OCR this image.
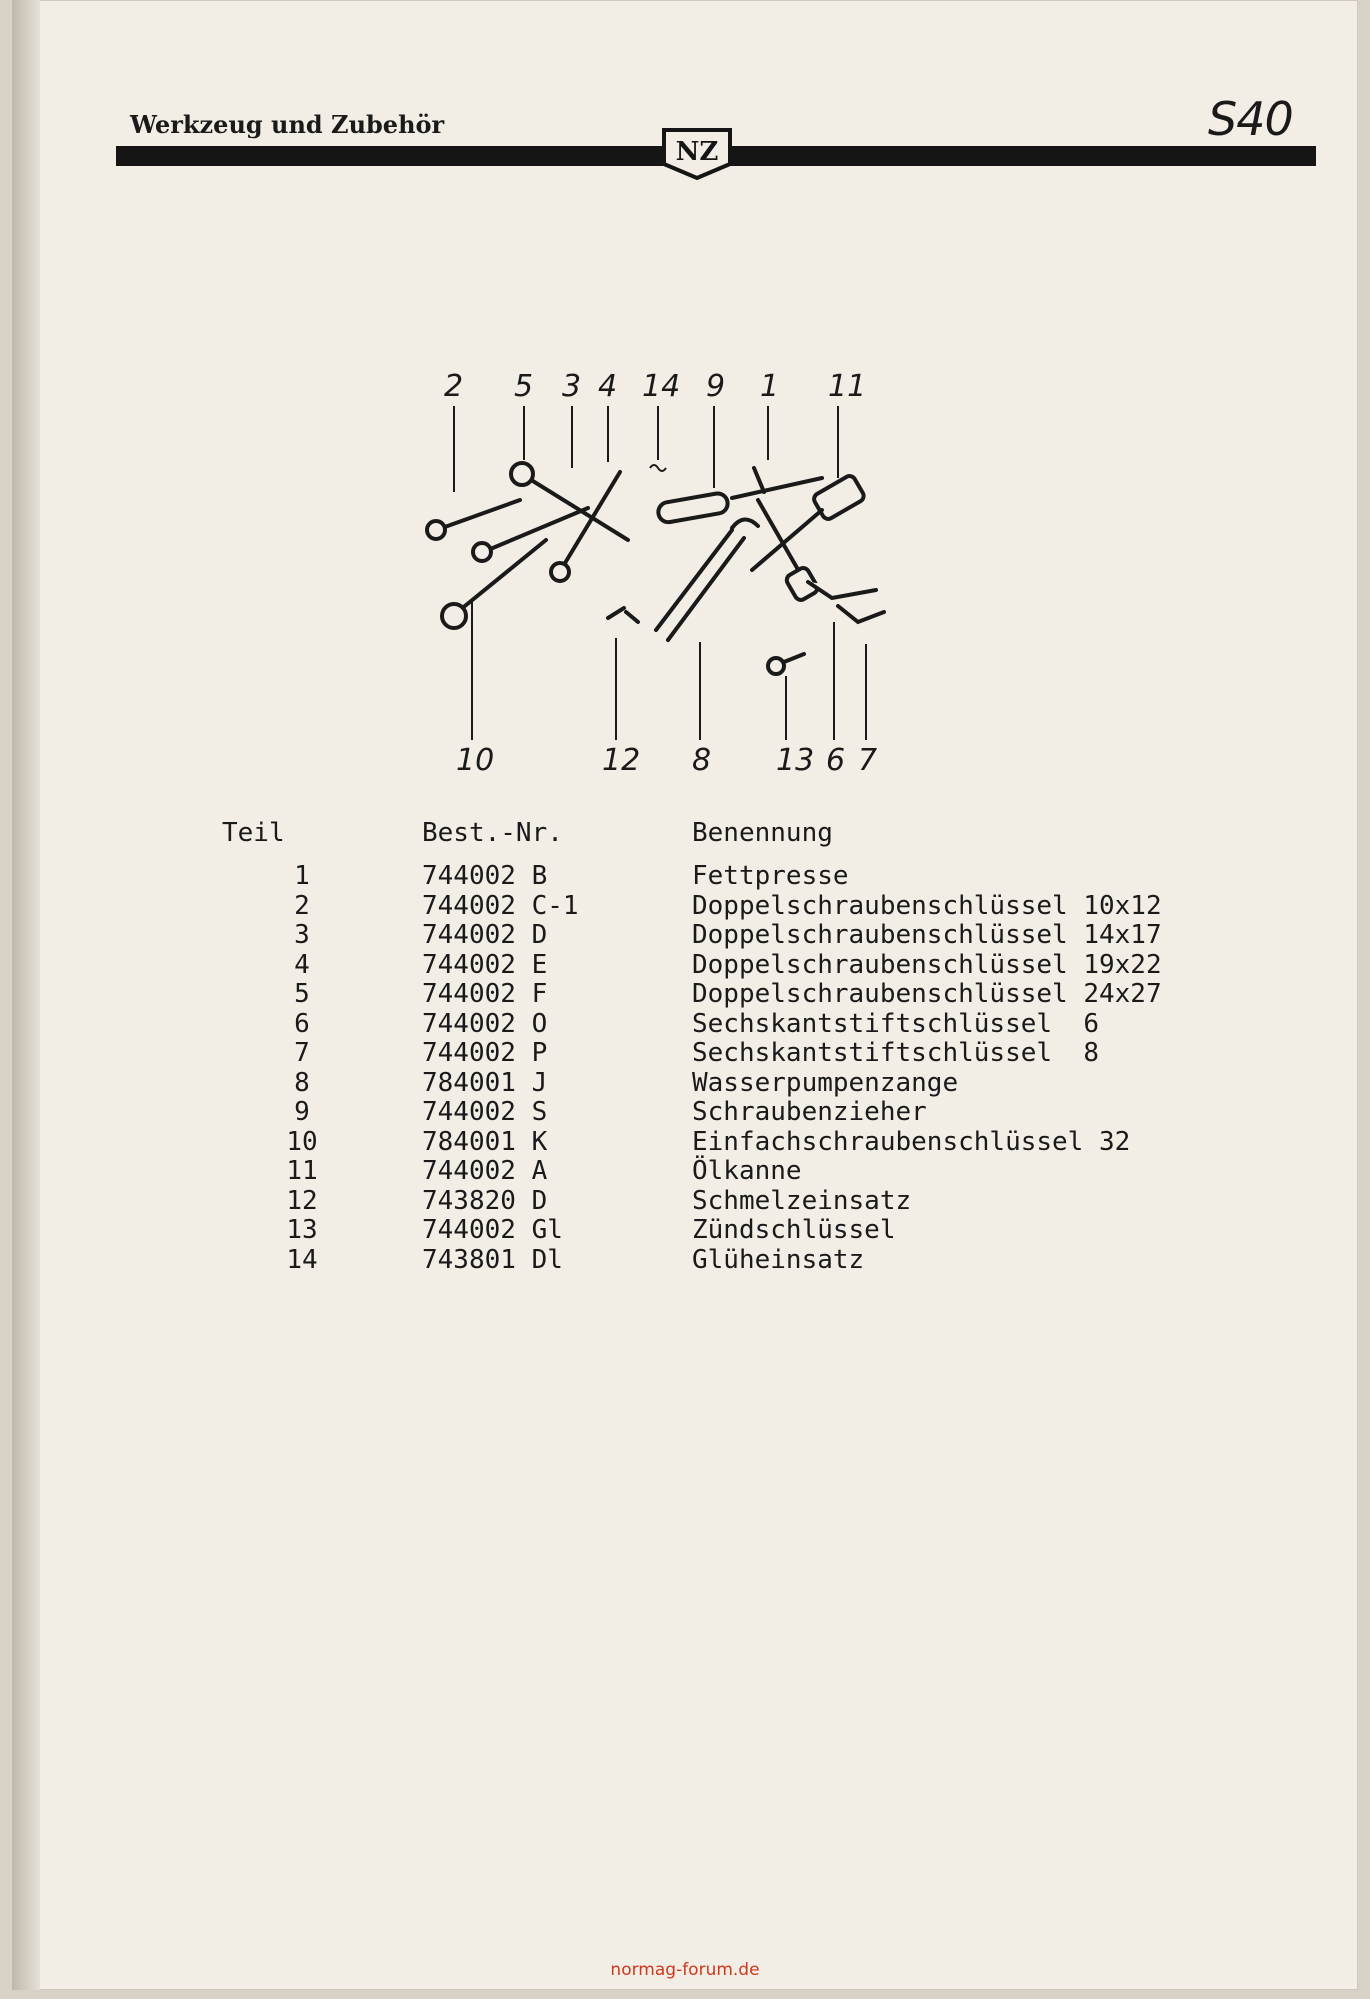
Werkzeug und Zubehör	S40
NZ
2 5 3 4 14 9 1 11
10	12 8 13 6 7
Teil	Best.-Nr.	Benennung
1	744002 B	Fettpresse
2	744002 C-1	Doppelschraubenschlüssel 10x12
3	744002 D	Doppelschraubenschlüssel 14x17
4	744002 E	Doppelschraubenschlüssel 19x22
5	744002 F	Doppelschraubenschlüssel 24x27
6	744002 O	Sechskantstiftschlüssel  6
7	744002 P	Sechskantstiftschlüssel  8
8	784001 J	Wasserpumpenzange
9	744002 S	Schraubenzieher
10	784001 K	Einfachschraubenschlüssel 32
11	744002 A	Ölkanne
12	743820 D	Schmelzeinsatz
13	744002 Gl	Zündschlüssel
14	743801 Dl	Glüheinsatz
normag-forum.de
